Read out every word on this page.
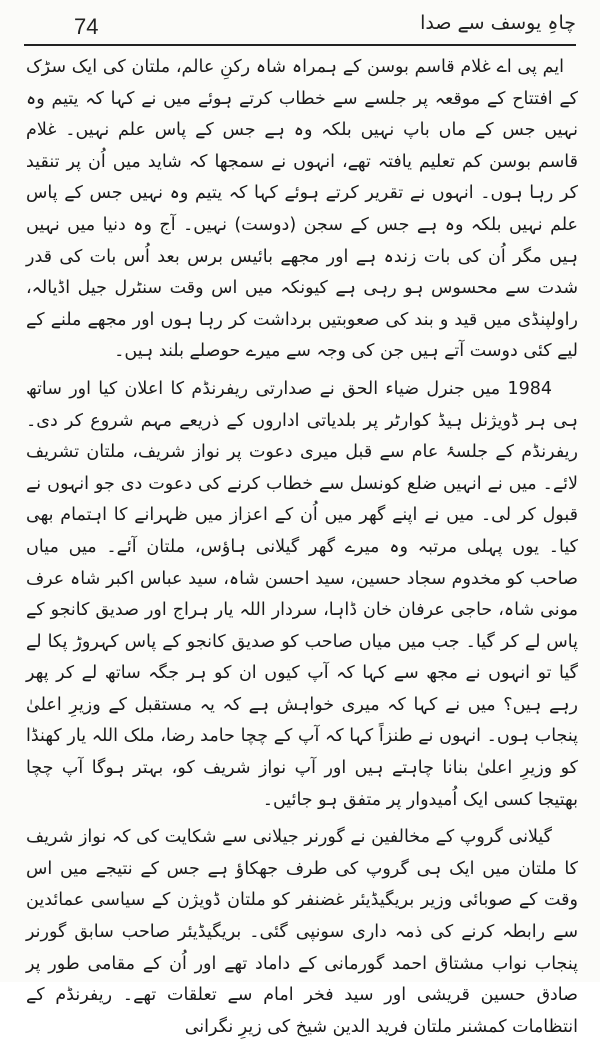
74	چاہِ یوسف سے صدا

ایم پی اے غلام قاسم بوسن کے ہمراہ شاہ رکنِ عالم، ملتان کی ایک سڑک کے افتتاح کے موقعہ پر جلسے سے خطاب کرتے ہوئے میں نے کہا کہ یتیم وہ نہیں جس کے ماں باپ نہیں بلکہ وہ ہے جس کے پاس علم نہیں۔ غلام قاسم بوسن کم تعلیم یافتہ تھے، انہوں نے سمجھا کہ شاید میں اُن پر تنقید کر رہا ہوں۔ انہوں نے تقریر کرتے ہوئے کہا کہ یتیم وہ نہیں جس کے پاس علم نہیں بلکہ وہ ہے جس کے سجن (دوست) نہیں۔ آج وہ دنیا میں نہیں ہیں مگر اُن کی بات زندہ ہے اور مجھے بائیس برس بعد اُس بات کی قدر شدت سے محسوس ہو رہی ہے کیونکہ میں اس وقت سنٹرل جیل اڈیالہ، راولپنڈی میں قید و بند کی صعوبتیں برداشت کر رہا ہوں اور مجھے ملنے کے لیے کئی دوست آتے ہیں جن کی وجہ سے میرے حوصلے بلند ہیں۔

1984 میں جنرل ضیاء الحق نے صدارتی ریفرنڈم کا اعلان کیا اور ساتھ ہی ہر ڈویژنل ہیڈ کوارٹر پر بلدیاتی اداروں کے ذریعے مہم شروع کر دی۔ ریفرنڈم کے جلسۂ عام سے قبل میری دعوت پر نواز شریف، ملتان تشریف لائے۔ میں نے انہیں ضلع کونسل سے خطاب کرنے کی دعوت دی جو انہوں نے قبول کر لی۔ میں نے اپنے گھر میں اُن کے اعزاز میں ظہرانے کا اہتمام بھی کیا۔ یوں پہلی مرتبہ وہ میرے گھر گیلانی ہاؤس، ملتان آئے۔ میں میاں صاحب کو مخدوم سجاد حسین، سید احسن شاہ، سید عباس اکبر شاہ عرف مونی شاہ، حاجی عرفان خان ڈاہا، سردار اللہ یار ہراج اور صدیق کانجو کے پاس لے کر گیا۔ جب میں میاں صاحب کو صدیق کانجو کے پاس کہروڑ پکا لے گیا تو انہوں نے مجھ سے کہا کہ آپ کیوں ان کو ہر جگہ ساتھ لے کر پھر رہے ہیں؟ میں نے کہا کہ میری خواہش ہے کہ یہ مستقبل کے وزیرِ اعلیٰ پنجاب ہوں۔ انہوں نے طنزاً کہا کہ آپ کے چچا حامد رضا، ملک اللہ یار کھنڈا کو وزیرِ اعلیٰ بنانا چاہتے ہیں اور آپ نواز شریف کو، بہتر ہوگا آپ چچا بھتیجا کسی ایک اُمیدوار پر متفق ہو جائیں۔

گیلانی گروپ کے مخالفین نے گورنر جیلانی سے شکایت کی کہ نواز شریف کا ملتان میں ایک ہی گروپ کی طرف جھکاؤ ہے جس کے نتیجے میں اس وقت کے صوبائی وزیر بریگیڈیئر غضنفر کو ملتان ڈویژن کے سیاسی عمائدین سے رابطہ کرنے کی ذمہ داری سونپی گئی۔ بریگیڈیئر صاحب سابق گورنر پنجاب نواب مشتاق احمد گورمانی کے داماد تھے اور اُن کے مقامی طور پر صادق حسین قریشی اور سید فخر امام سے تعلقات تھے۔ ریفرنڈم کے انتظامات کمشنر ملتان فرید الدین شیخ کی زیرِ نگرانی
